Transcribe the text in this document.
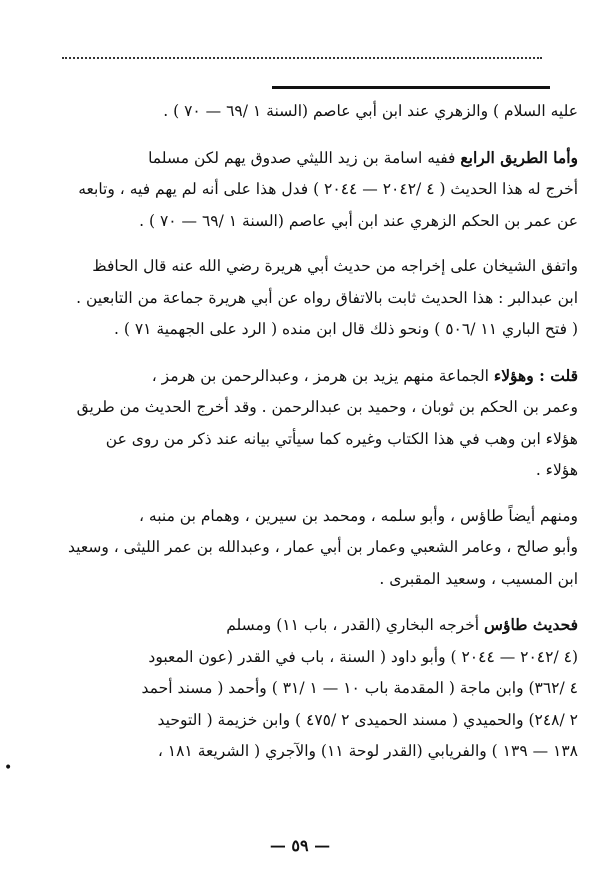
عليه السلام ) والزهري عند ابن أبي عاصم (السنة ١ /٦٩ — ٧٠ ) .

وأما الطريق الرابع ففيه اسامة بن زيد الليثي صدوق يهم لكن مسلما
أخرج له هذا الحديث ( ٤ /٢٠٤٢ — ٢٠٤٤ ) فدل هذا على أنه لم يهم فيه ، وتابعه
عن عمر بن الحكم الزهري عند ابن أبي عاصم (السنة ١ /٦٩ — ٧٠ ) .

واتفق الشيخان على إخراجه من حديث أبي هريرة رضي الله عنه قال الحافظ
ابن عبدالبر : هذا الحديث ثابت بالاتفاق رواه عن أبي هريرة جماعة من التابعين .
( فتح الباري ١١ /٥٠٦ ) ونحو ذلك قال ابن منده ( الرد على الجهمية ٧١ ) .

قلت : وهؤلاء الجماعة منهم يزيد بن هرمز ، وعبدالرحمن بن هرمز ،
وعمر بن الحكم بن ثوبان ، وحميد بن عبدالرحمن . وقد أخرج الحديث من طريق
هؤلاء ابن وهب في هذا الكتاب وغيره كما سيأتي بيانه عند ذكر من روى عن
هؤلاء .

ومنهم أيضاً طاؤس ، وأبو سلمه ، ومحمد بن سيرين ، وهمام بن منبه ،
وأبو صالح ، وعامر الشعبي وعمار بن أبي عمار ، وعبدالله بن عمر الليثى ، وسعيد
ابن المسيب ، وسعيد المقبرى .

فحديث طاؤس أخرجه البخاري (القدر ، باب ١١) ومسلم
(٤ /٢٠٤٢ — ٢٠٤٤ ) وأبو داود ( السنة ، باب في القدر (عون المعبود
٤ /٣٦٢) وابن ماجة ( المقدمة باب ١٠ — ١ /٣١ ) وأحمد ( مسند أحمد
٢ /٢٤٨) والحميدي ( مسند الحميدى ٢ /٤٧٥ ) وابن خزيمة ( التوحيد
١٣٨ — ١٣٩ ) والفريابي (القدر لوحة ١١) والآجري ( الشريعة ١٨١ ،

— ٥٩ —
•
